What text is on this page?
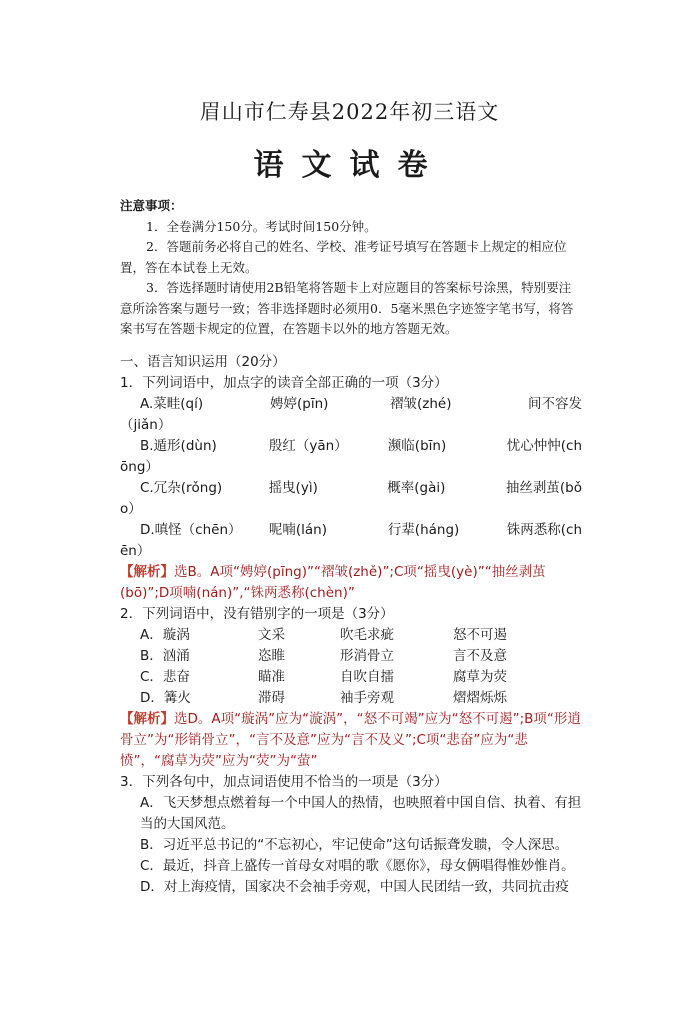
眉山市仁寿县2022年初三语文
语文试卷
注意事项：

1．全卷满分150分。考试时间150分钟。

2．答题前务必将自己的姓名、学校、准考证号填写在答题卡上规定的相应位置，答在本试卷上无效。

3．答选择题时请使用2B铅笔将答题卡上对应题目的答案标号涂黑，特别要注意所涂答案与题号一致；答非选择题时必须用0．5毫米黑色字迹签字笔书写，将答案书写在答题卡规定的位置，在答题卡以外的地方答题无效。

一、语言知识运用（20分）

1．下列词语中，加点字的读音全部正确的一项（3分）

A.菜畦(qí)	娉婷(pīn)	褶皱(zhé)	间不容发

（jiǎn）

B.遁形(dùn)	殷红（yān）	濒临(bīn)	忧心忡忡(ch

ōng）

C.冗杂(rǒng)	摇曳(yì)	概率(gài)	抽丝剥茧(bǒ

o）

D.嗔怪（chēn）	呢喃(lán)	行辈(háng)	铢两悉称(ch

ēn）

【解析】选B。A项“娉婷(pīng)”“褶皱(zhě)”;C项“摇曳(yè)”“抽丝剥茧(bō)”;D项喃(nán)”,“铢两悉称(chèn)”

2．下列词语中，没有错别字的一项是（3分）

A．璇涡	文采	吹毛求疵	怒不可遏
B．汹涌	恣睢	形消骨立	言不及意
C．悲奋	瞄准	自吹自擂	腐草为荧
D．篝火	滞碍	袖手旁观	熠熠烁烁

【解析】选D。A项“璇涡”应为“漩涡”，“怒不可竭”应为“怒不可遏”;B项“形逍骨立”为“形销骨立”，“言不及意”应为“言不及义”;C项“悲奋”应为“悲愤”，“腐草为荧”应为“荧”为“萤”

3．下列各句中，加点词语使用不恰当的一项是（3分）

A．飞天梦想点燃着每一个中国人的热情，也映照着中国自信、执着、有担当的大国风范。

B．习近平总书记的“不忘初心，牢记使命”这句话振聋发聩，令人深思。

C．最近，抖音上盛传一首母女对唱的歌《愿你》，母女俩唱得惟妙惟肖。

D．对上海疫情，国家决不会袖手旁观，中国人民团结一致，共同抗击疫
